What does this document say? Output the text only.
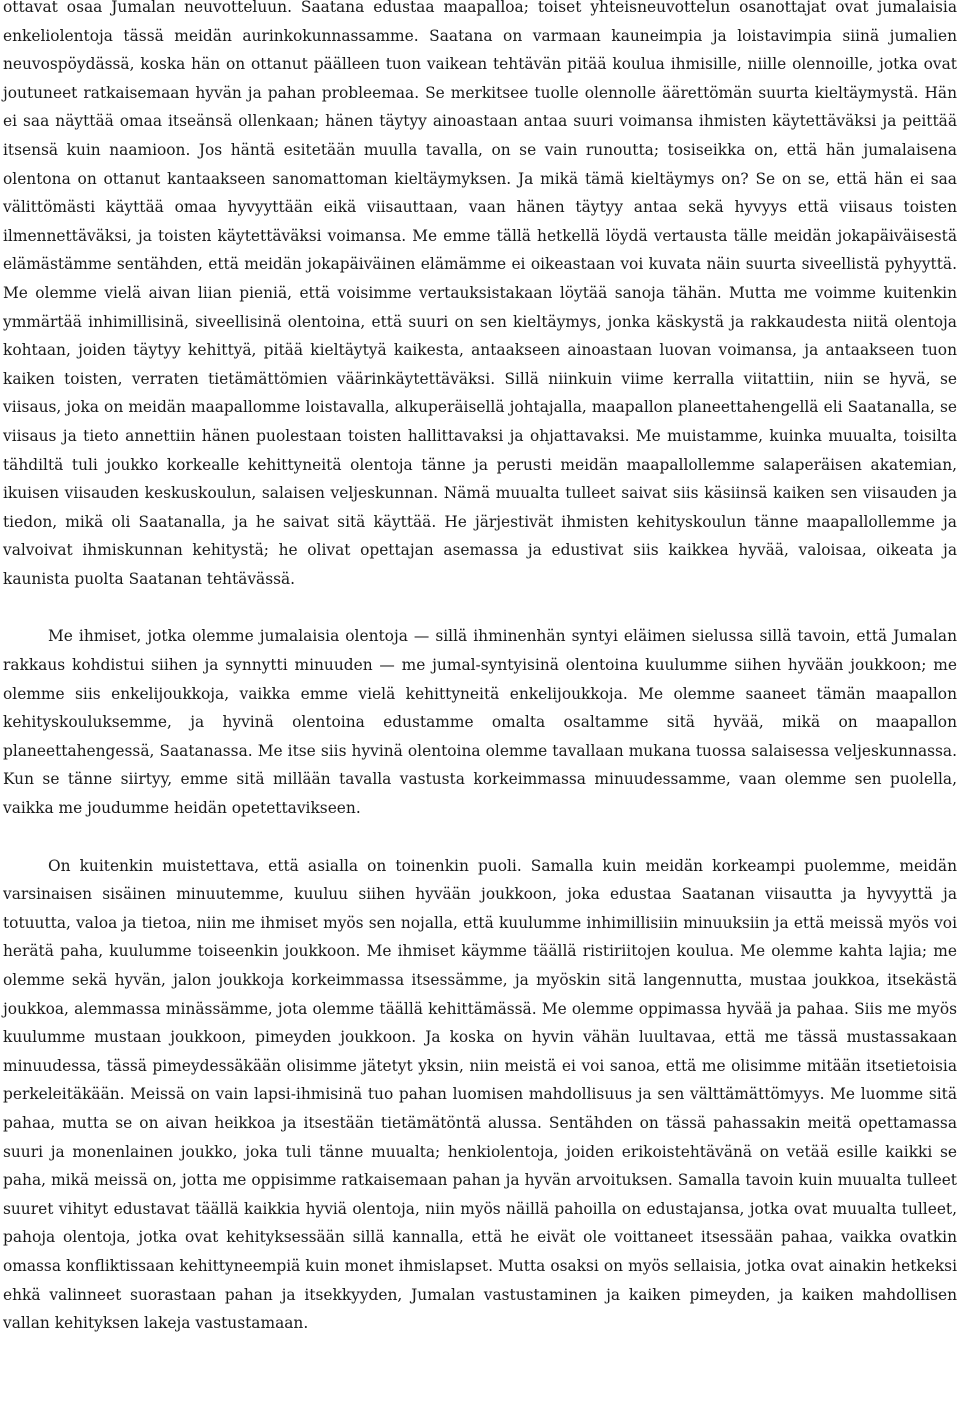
ottavat osaa Jumalan neuvotteluun. Saatana edustaa maapalloa; toiset yhteisneuvottelun osanottajat ovat jumalaisia enkeliolentoja tässä meidän aurinkokunnassamme. Saatana on varmaan kauneimpia ja loistavimpia siinä jumalien neuvospöydässä, koska hän on ottanut päälleen tuon vaikean tehtävän pitää koulua ihmisille, niille olennoille, jotka ovat joutuneet ratkaisemaan hyvän ja pahan probleemaa. Se merkitsee tuolle olennolle äärettömän suurta kieltäymystä. Hän ei saa näyttää omaa itseänsä ollenkaan; hänen täytyy ainoastaan antaa suuri voimansa ihmisten käytettäväksi ja peittää itsensä kuin naamioon. Jos häntä esitetään muulla tavalla, on se vain runoutta; tosiseikka on, että hän jumalaisena olentona on ottanut kantaakseen sanomattoman kieltäymyksen. Ja mikä tämä kieltäymys on? Se on se, että hän ei saa välittömästi käyttää omaa hyvyyttään eikä viisauttaan, vaan hänen täytyy antaa sekä hyvyys että viisaus toisten ilmennettäväksi, ja toisten käytettäväksi voimansa. Me emme tällä hetkellä löydä vertausta tälle meidän jokapäiväisestä elämästämme sentähden, että meidän jokapäiväinen elämämme ei oikeastaan voi kuvata näin suurta siveellistä pyhyyttä. Me olemme vielä aivan liian pieniä, että voisimme vertauksistakaan löytää sanoja tähän. Mutta me voimme kuitenkin ymmärtää inhimillisinä, siveellisinä olentoina, että suuri on sen kieltäymys, jonka käskystä ja rakkaudesta niitä olentoja kohtaan, joiden täytyy kehittyä, pitää kieltäytyä kaikesta, antaakseen ainoastaan luovan voimansa, ja antaakseen tuon kaiken toisten, verraten tietämättömien väärinkäytettäväksi. Sillä niinkuin viime kerralla viitattiin, niin se hyvä, se viisaus, joka on meidän maapallomme loistavalla, alkuperäisellä johtajalla, maapallon planeettahengellä eli Saatanalla, se viisaus ja tieto annettiin hänen puolestaan toisten hallittavaksi ja ohjattavaksi. Me muistamme, kuinka muualta, toisilta tähdiltä tuli joukko korkealle kehittyneitä olentoja tänne ja perusti meidän maapallollemme salaperäisen akatemian, ikuisen viisauden keskuskoulun, salaisen veljeskunnan. Nämä muualta tulleet saivat siis käsiinsä kaiken sen viisauden ja tiedon, mikä oli Saatanalla, ja he saivat sitä käyttää. He järjestivät ihmisten kehityskoulun tänne maapallollemme ja valvoivat ihmiskunnan kehitystä; he olivat opettajan asemassa ja edustivat siis kaikkea hyvää, valoisaa, oikeata ja kaunista puolta Saatanan tehtävässä.

Me ihmiset, jotka olemme jumalaisia olentoja — sillä ihminenhän syntyi eläimen sielussa sillä tavoin, että Jumalan rakkaus kohdistui siihen ja synnytti minuuden — me jumal-syntyisinä olentoina kuulumme siihen hyvään joukkoon; me olemme siis enkelijoukkoja, vaikka emme vielä kehittyneitä enkelijoukkoja. Me olemme saaneet tämän maapallon kehityskouluksemme, ja hyvinä olentoina edustamme omalta osaltamme sitä hyvää, mikä on maapallon planeettahengessä, Saatanassa. Me itse siis hyvinä olentoina olemme tavallaan mukana tuossa salaisessa veljeskunnassa. Kun se tänne siirtyy, emme sitä millään tavalla vastusta korkeimmassa minuudessamme, vaan olemme sen puolella, vaikka me joudumme heidän opetettavikseen.

On kuitenkin muistettava, että asialla on toinenkin puoli. Samalla kuin meidän korkeampi puolemme, meidän varsinaisen sisäinen minuutemme, kuuluu siihen hyvään joukkoon, joka edustaa Saatanan viisautta ja hyvyyttä ja totuutta, valoa ja tietoa, niin me ihmiset myös sen nojalla, että kuulumme inhimillisiin minuuksiin ja että meissä myös voi herätä paha, kuulumme toiseenkin joukkoon. Me ihmiset käymme täällä ristiriitojen koulua. Me olemme kahta lajia; me olemme sekä hyvän, jalon joukkoja korkeimmassa itsessämme, ja myöskin sitä langennutta, mustaa joukkoa, itsekästä joukkoa, alemmassa minässämme, jota olemme täällä kehittämässä. Me olemme oppimassa hyvää ja pahaa. Siis me myös kuulumme mustaan joukkoon, pimeyden joukkoon. Ja koska on hyvin vähän luultavaa, että me tässä mustassakaan minuudessa, tässä pimeydessäkään olisimme jätetyt yksin, niin meistä ei voi sanoa, että me olisimme mitään itsetietoisia perkeleitäkään. Meissä on vain lapsi-ihmisinä tuo pahan luomisen mahdollisuus ja sen välttämättömyys. Me luomme sitä pahaa, mutta se on aivan heikkoa ja itsestään tietämätöntä alussa. Sentähden on tässä pahassakin meitä opettamassa suuri ja monenlainen joukko, joka tuli tänne muualta; henkiolentoja, joiden erikoistehtävänä on vetää esille kaikki se paha, mikä meissä on, jotta me oppisimme ratkaisemaan pahan ja hyvän arvoituksen. Samalla tavoin kuin muualta tulleet suuret vihityt edustavat täällä kaikkia hyviä olentoja, niin myös näillä pahoilla on edustajansa, jotka ovat muualta tulleet, pahoja olentoja, jotka ovat kehityksessään sillä kannalla, että he eivät ole voittaneet itsessään pahaa, vaikka ovatkin omassa konfliktissaan kehittyneempiä kuin monet ihmislapset. Mutta osaksi on myös sellaisia, jotka ovat ainakin hetkeksi ehkä valinneet suorastaan pahan ja itsekkyyden, Jumalan vastustaminen ja kaiken pimeyden, ja kaiken mahdollisen vallan kehityksen lakeja vastustamaan.
